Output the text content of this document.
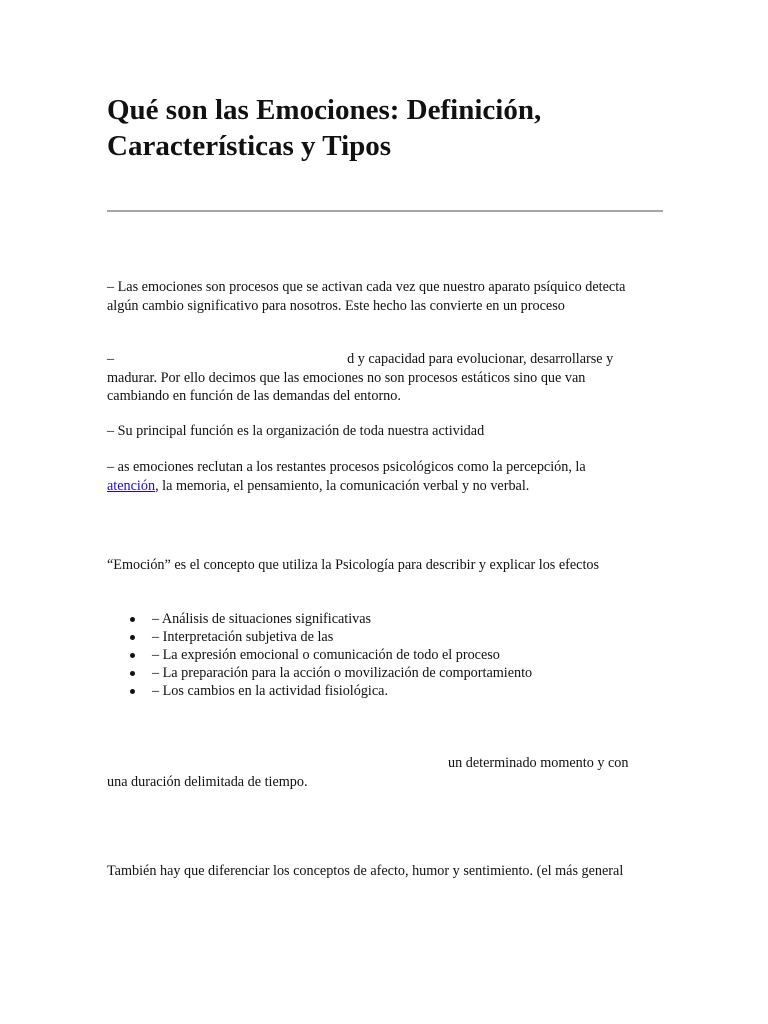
Qué son las Emociones: Definición,
Características y Tipos

– Las emociones son procesos que se activan cada vez que nuestro aparato psíquico detecta
algún cambio significativo para nosotros. Este hecho las convierte en un proceso

–	d y capacidad para evolucionar, desarrollarse y
madurar. Por ello decimos que las emociones no son procesos estáticos sino que van
cambiando en función de las demandas del entorno.

– Su principal función es la organización de toda nuestra actividad

– as emociones reclutan a los restantes procesos psicológicos como la percepción, la
atención, la memoria, el pensamiento, la comunicación verbal y no verbal.

“Emoción” es el concepto que utiliza la Psicología para describir y explicar los efectos

– Análisis de situaciones significativas
– Interpretación subjetiva de las
– La expresión emocional o comunicación de todo el proceso
– La preparación para la acción o movilización de comportamiento
– Los cambios en la actividad fisiológica.

un determinado momento y con
una duración delimitada de tiempo.

También hay que diferenciar los conceptos de afecto, humor y sentimiento. (el más general
